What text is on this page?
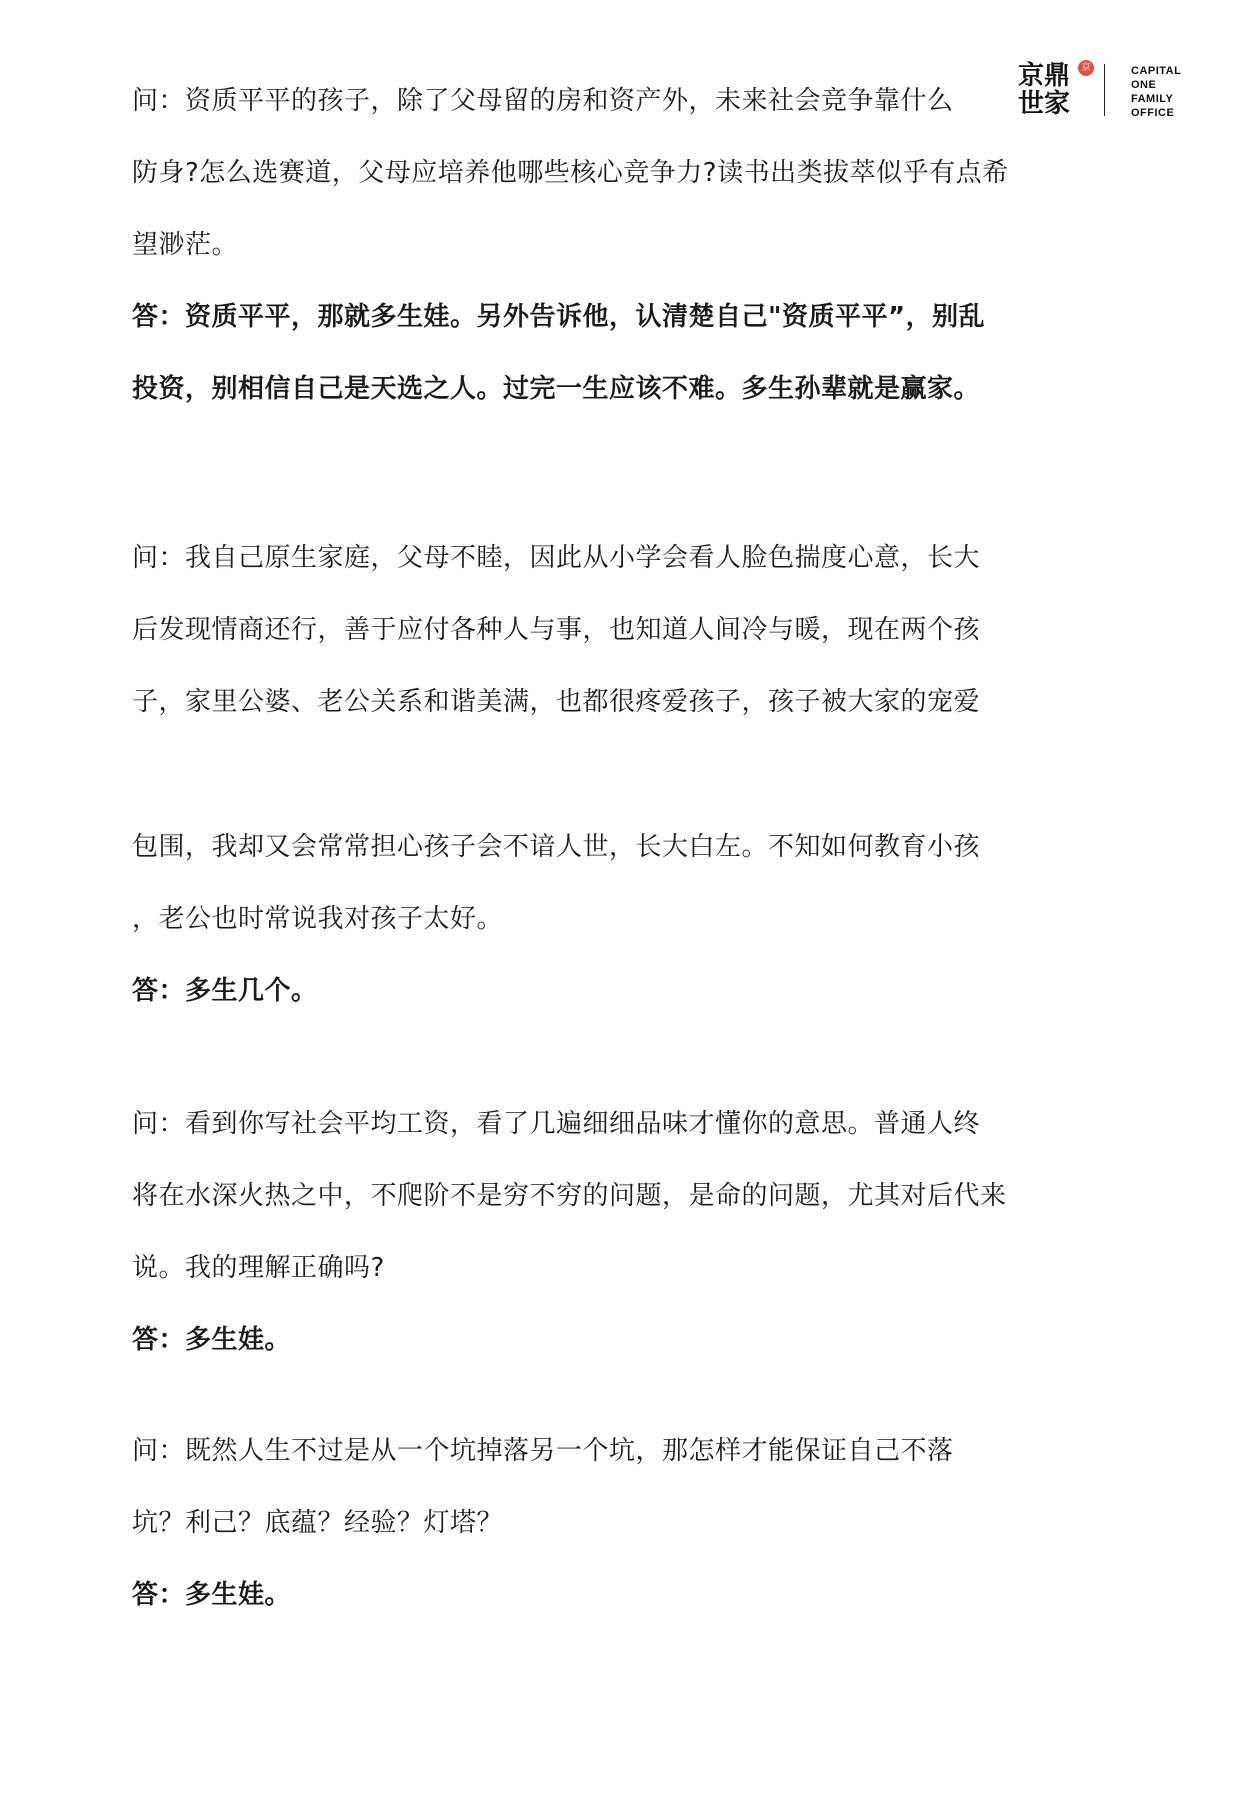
京鼎世家
京	CAPITAL
ONE
FAMILY
OFFICE
问：资质平平的孩子，除了父母留的房和资产外，未来社会竞争靠什么
防身?怎么选赛道，父母应培养他哪些核心竞争力?读书出类拔萃似乎有点希
望渺茫。
答：资质平平，那就多生娃。另外告诉他，认清楚自己"资质平平”，别乱
投资，别相信自己是天选之人。过完一生应该不难。多生孙辈就是赢家。
问：我自己原生家庭，父母不睦，因此从小学会看人脸色揣度心意，长大
后发现情商还行，善于应付各种人与事，也知道人间冷与暖，现在两个孩
子，家里公婆、老公关系和谐美满，也都很疼爱孩子，孩子被大家的宠爱
包围，我却又会常常担心孩子会不谙人世，长大白左。不知如何教育小孩
，老公也时常说我对孩子太好。
答：多生几个。
问：看到你写社会平均工资，看了几遍细细品味才懂你的意思。普通人终
将在水深火热之中，不爬阶不是穷不穷的问题，是命的问题，尤其对后代来
说。我的理解正确吗?
答：多生娃。
问：既然人生不过是从一个坑掉落另一个坑，那怎样才能保证自己不落
坑？利己？底蕴？经验？灯塔？
答：多生娃。
